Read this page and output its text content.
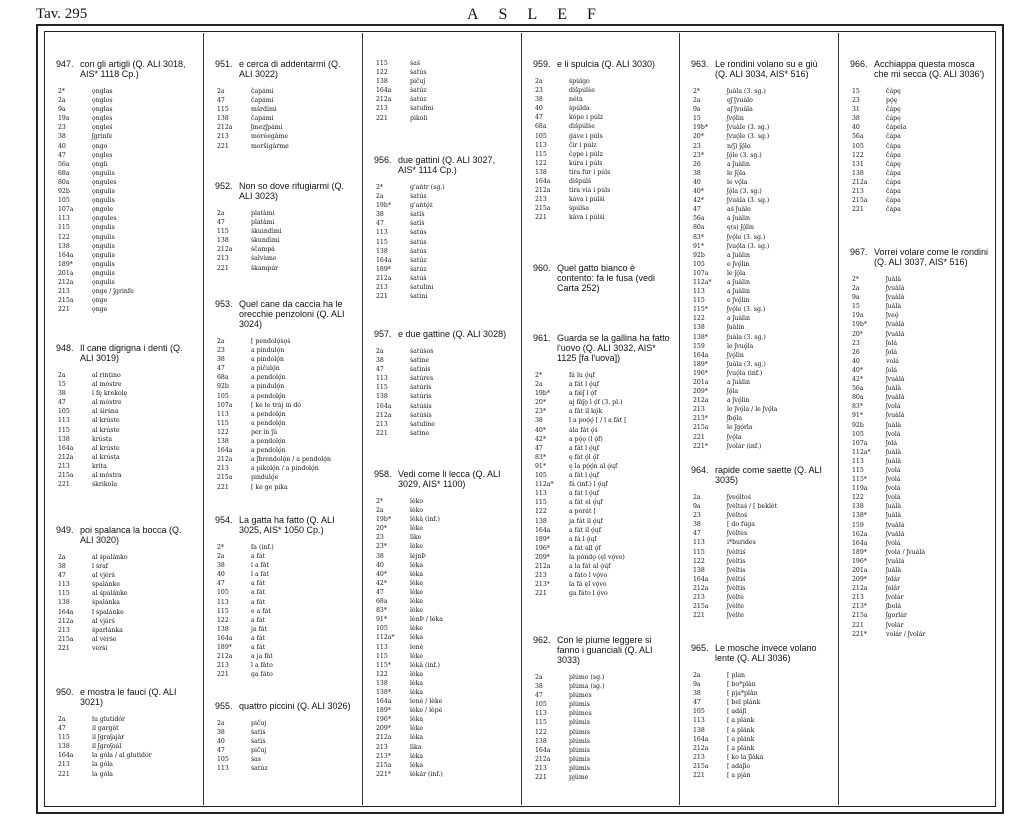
Tav. 295	ASLEF
947. con gli artigli (Q. ALI 3018, AIS* 1118 Cp.)
2*	ǫnglas
2a	ǫngloṣ
9a	ǫnglaṣ
19a	ǫngleṣ
23	ǫngleś
38	ʃgrinfe
40	ǫngo
47	ǫngleṣ
56a	ǫngli
68a	ǫngulis
80a	ǫngules
92b	ǫngulis
105	ǫngulis
107a	ǫngole
113	ǫngules
115	ǫngulis
122	ǫngulis
138	ǫngulis
164a	ǫngulis
189*	ǫngulis
201a	ǫngulis
212a	ǫngulis
213	ǫnge / ʃgrinfe
215a	ǫnge
221	ǫnge
948. Il cane digrigna i denti (Q. ALI 3019)
2a	al rinṭino
15	al móstre
38	l fę krekolę
47	al móstre
105	al ṡirṡna
113	al krúste
115	al krúste
138	krústa
164a	al krúste
212a	al krúsṭa
213	krita
215a	al móstra
221	ṡkrikola
949. poi spalanca la bocca (Q. ALI 3020)
2a	al ṡpalánko
38	l ṡraf
47	al vjérṡ
113	ṡpalánke
115	al ṡpalánke
138	ṡpalánka
164a	l ṡpalánke
212a	al vjárṡ
213	ṡparlánka
215a	al vèrṡe
221	vèrṡi
950. e mostra le fauci (Q. ALI 3021)
2a	lu glutidór
47	il gargàt
115	il ʃgraʃajàr
138	il ʃgroʃoál
164a	la góla / al glutidór
213	la góla
221	la góla
951. e cerca di addentarmi (Q. ALI 3022)
2a	čapámi
47	čapámi
115	mṡrdimi
138	čapámi
212a	ʃmeȥʃpámi
213	moréegàme
221	moršigàrme
952. Non so dove rifugiarmi (Q. ALI 3023)
2a	platàmi
47	platàmi
115	ṡkuindìmi
138	ṡkundìmi
212a	ṡčampá
213	ṡalvàme
221	ṡkampár
953. Quel cane da caccia ha le orecchie penzoloni (Q. ALI 3024)
2a	[ pendolǫ́ṡǫṡ
23	a pindulǫ́n
38	a pindolǫ́n
47	a pičulǫ́n
68a	a pendolǫ́n
92b	a pindulǫ́n
105	a pendolǫ́n
107a	[ ke le tráj in dó
113	a pendolǫ́n
115	a pendolǫ́n
122	per in ʃú
138	a pendolǫ́n
164a	a pendolǫ́n
212a	a ʃbrendolǫ́n / a pendolǫ́n
213	a pikolǫ́n / a pindolǫ́n
215a	pindulǫ́e
221	[ ke ge pika
954. La gatta ha fatto (Q. ALI 3025, AIS* 1050 Cp.)
2*	fa (inf.)
2a	a fát
38	l a fàt
40	l a fát
47	a fát
105	a fát
113	a fát
115	e a fát
122	a fát
138	ja fát
164a	a fát
189*	a fát
212a	a ja fàt
213	l a fàto
221	ga fáto
955. quattro piccini (Q. ALI 3026)
2a	pičuj
38	ṡatìṡ
40	ṡatìṡ
47	pičuj
105	ṡas
113	ṡatúz
115	ṡaś
122	ṡatús
138	pičuj
164a	ṡatúz
212a	ṡatúz
213	ṡatulìni
221	pikoli
956. due gattini (Q. ALI 3027, AIS* 1114 Cp.)
2*	g'aṅtr (sg.)
2a	ṡatús
19b*	g'aṅtǫ́z
38	ṡatìṡ
47	ṡatìṡ
113	ṡatús
115	ṡatús
138	ṡatús
164a	ṡatúz
189*	ṡatúz
212a	ṡatúṡ
213	ṡatulìni
221	ṡatìni
957. e due gattine (Q. ALI 3028)
2a	ṡatúṡoṡ
38	ṡatìne
47	ṡatìnis
113	ṡatúres
115	ṡatúris
138	ṡatúris
164a	ṡatúṡis
212a	ṡatúṡis
213	ṡatuline
221	ṡatìne
958. Vedi come li lecca (Q. ALI 3029, AIS* 1100)
2*	lèko
2a	lèko
19b*	lèkà (inf.)
20*	lèke
23	lìke
23*	lèke
38	lèjnÞ
40	lèka
40*	lèka
42*	lèke
47	lèke
68a	lèke
83*	lèke
91*	lènÞ / lèka
105	lèke
112a*	lèka
113	lenè
115	lèke
115*	lèkà (inf.)
122	lèka
138	lèka
138*	lèka
164a	lenè / lèke
189*	lèke / lèpè
196*	lèka
209*	lèke
212a	lèka
213	lìka
213*	lèka
215a	lèka
221*	lèkár (inf.)
959. e li spulcia (Q. ALI 3030)
2a	ṡpùlgo
23	dišpúlṡe
38	néta
40	ṡpúlda
47	kópe i púlz
68a	dišpúlṡe
105	ǵáve i púls
113	čir i púlz
115	čǫpe i púlz
122	kúra i púls
138	tíra fur i púls
164a	dišpúlṡ
212a	tíra via i púls
213	káva i púlṡi
215a	ṡpúlṡa
221	káva i púlṡi
960. Quel gatto bianco è contento: fa le fusa (vedi Carta 252)
961. Guarda se la gallina ha fatto l'uovo (Q. ALI 3032, AIS* 1125 [fa l'uova])
2*	fá lu ǫ́ųf
2a	a fát l ǫ́ųf
19b*	a fǽʃ l ǫ́f
20*	aj fàʃǫ l ǫ́f (3. pl.)
23*	a fàt il kǫ́k
38	l a poǫ́ǫ́ [ / l a fát [
40*	ála fát ǫ́ś
42*	a pǫ́ǫ (l ǫ́f)
47	a fát l ǫ́ųf
83*	ę fát ǫ́l ǫ́f
91*	ę la pǫ́ǫ́n al ǫ́ųf
105	a fát l ǫ́ųf
112a*	fá (inf.) l ǫ́ųf
113	a fát l ǫ́ųf
115	a fát el ǫ́ųf
122	a porát [
138	ja fát il ǫ́ųf
164a	a fát il ǫ́ųf
189*	a fá l ǫ́ųf
196*	a fát all ǫ́f
209*	la póndǫ (ęl vǫ́vo)
212a	a la fát al ǫ́ų́f
213	a fáto l vǫ́vo
213*	la fá ęl vǫ́vo
221	ga fáto l ǫ́vo
962. Con le piume leggere si fanno i guanciali (Q. ALI 3033)
2a	plúmo (sg.)
38	plúma (sg.)
47	plúmes
105	plúmis
113	plúmes
115	plúmis
122	plúmis
138	plúmis
164a	plúmis
212a	plúmis
213	plúmis
221	pjúme
963. Le rondini volano su e giù (Q. ALI 3034, AIS* 516)
2*	ʃuàla (3. sg.)
2a	ęʃ ʃvuàlo
9a	aʃ ʃvuàla
15	ʃvǫ́lin
19b*	ʃvuàle (3. sg.)
20*	ʃvuǫ́le (3. sg.)
23	n(ʃ) ʃǫ́lo
23*	ʃǫ́le (3. sg.)
26	a ʃuàlin
38	le ʃǫ́la
40	le vǫ́la
40*	ʃǫ́la (3. sg.)
42*	ʃvuàla (3. sg.)
47	aṡ ʃuàle
56a	a ʃuàlin
80a	ę(s) ʃǫ́lin
83*	ʃvǫ́le (3. sg.)
91*	ʃvuǫ́la (3. sg.)
92b	a ʃuàlin
105	e ʃvǫ́lin
107a	le ʃǫ́la
112a*	a ʃuàlin
113	a ʃuàlin
115	e ʃvǫ́lin
115*	ʃvǫ́le (3. sg.)
122	a ʃuàlin
138	ʃuàlin
138*	ʃuàla (3. sg.)
159	le ʃvuǫ́la
164a	ʃvǫ́lin
189*	ʃuàla (3. sg.)
196*	ʃvuǫ́la (inf.)
201a	a ʃuàlin
209*	ʃǫ́la
212a	a ʃvǫ́lin
213	le ʃvǫ́la / le ʃvǫ́la
213*	ʃbǫ́la
215a	le ʃgǫ́rla
221	ʃvǫ́la
221*	ʃvolár (inf.)
964. rapide come saette (Q. ALI 3035)
2a	ʃveǫ́ltoṡ
9a	ʃvèltaṡ / [ beklèt
23	ʃvèltoś
38	[ do fúga
47	ʃvèltes
113	i*burides
115	ʃvèltiś
122	ʃvèltis
138	ʃvèltis
164a	ʃvèltiś
212a	ʃvèltis
213	ʃvèlte
215a	ʃvèlte
221	ʃvèlte
965. Le mosche invece volano lente (Q. ALI 3036)
2a	[ plan
9a	[ bo*plàn
38	[ pja*plàn
47	[ bel plánk
105	[ adáʃi
113	[ a plánk
138	[ a plánk
164a	[ a plánk
212a	[ a plánk
213	[ ko la ʃlàka
215a	[ adáʃio
221	[ a pján
966. Acchiappa questa mosca che mi secca (Q. ALI 3036')
15	čápę
23	pǫ́ę
31	čápę
38	čápę
40	čápela
56a	čápa
105	čápa
122	čápa
131	čápę
138	čápa
212a	čápa
213	čápa
215a	čápa
221	čápa
967. Vorrei volare come le rondini (Q. ALI 3037, AIS* 516)
2*	ʃuàlà
2a	ʃvuàlà
9a	ʃvuàlà
15	ʃuàlà
19a	ʃveǫ́
19b*	ʃvuàlà
20*	ʃvuàlà
23	ʃolá
26	ʃolá
40	volá
40*	ʃolá
42*	ʃvuàlà
56a	ʃuàlà
80a	ʃvuàlà
83*	ʃvolá
91*	ʃvuàlà
92b	ʃuàlà
105	ʃvolá
107a	ʃolá
112a*	ʃuàlà
113	ʃuàlà
115	ʃvolá
115*	ʃvolá
119a	ʃvolá
122	ʃvolá
138	ʃuàlà
138*	ʃuàlà
159	ʃvuàlá
162a	ʃvuàlà
164a	ʃvolá
189*	ʃvolá / ʃvuàlá
196*	ʃvuàlá
201a	ʃuàlà
209*	ʃolár
212a	ʃolár
213	ʃvolár
213*	ʃbolá
215a	ʃgorlár
221	ʃvolár
221*	volár / ʃvolár
